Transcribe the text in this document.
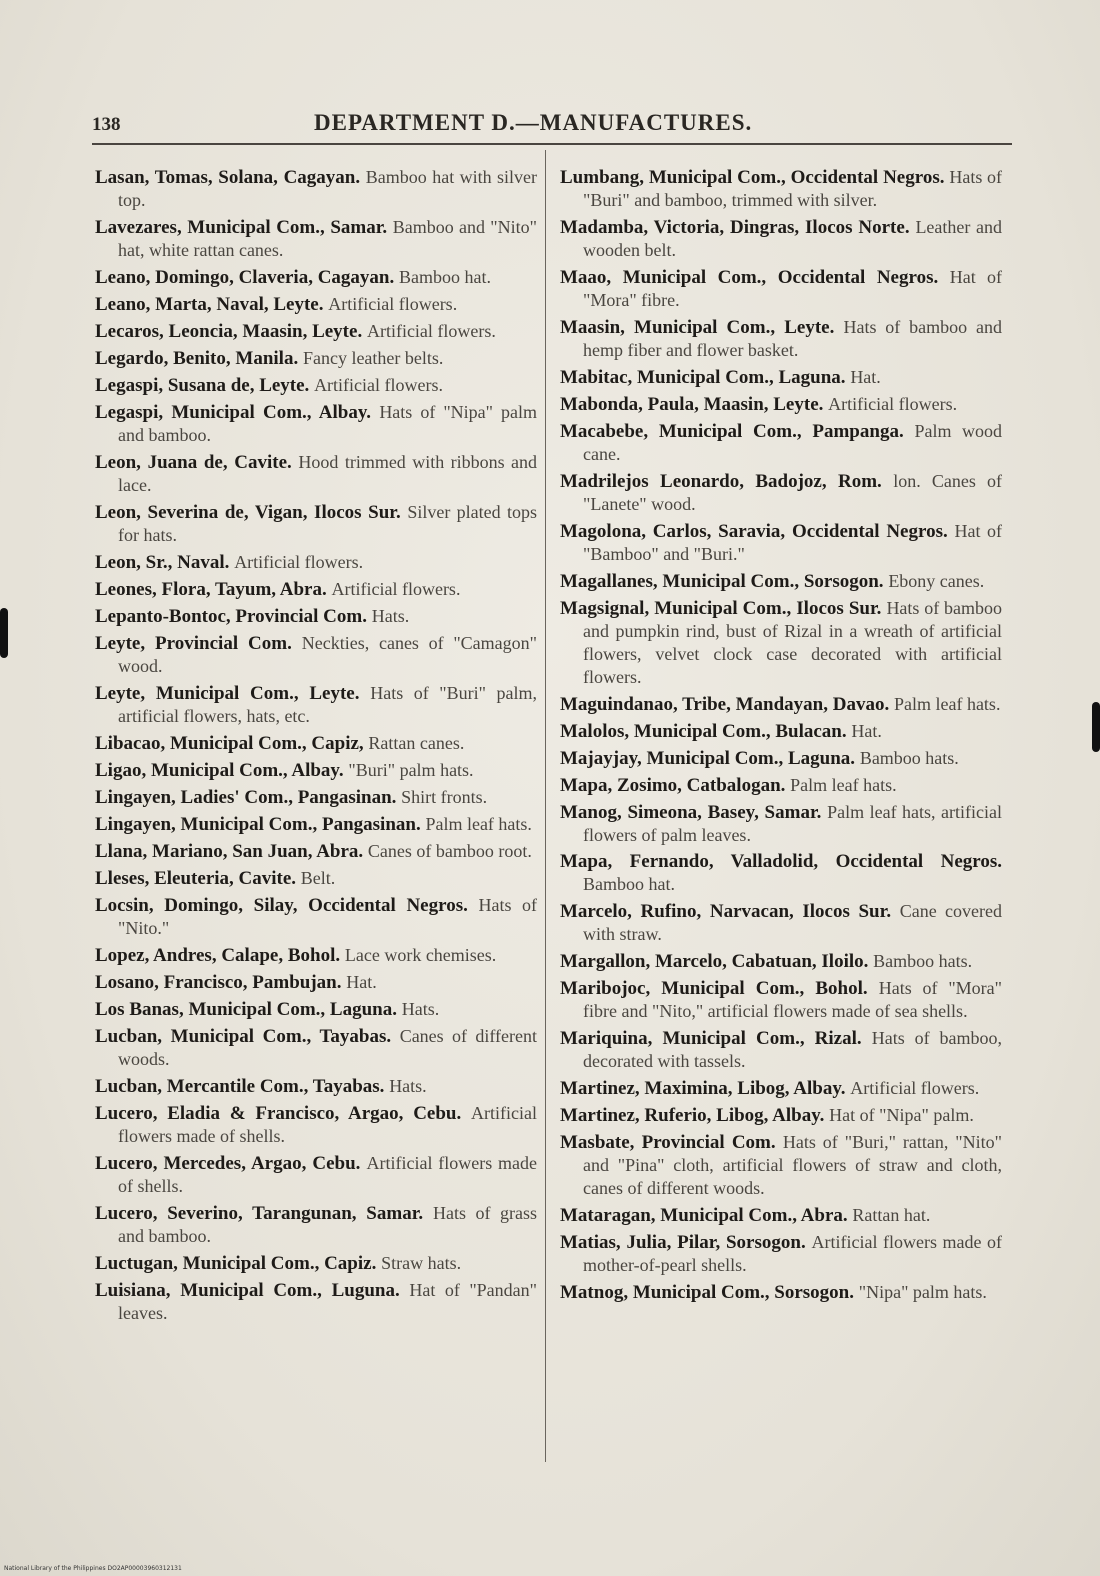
138	DEPARTMENT D.—MANUFACTURES.

Lasan, Tomas, Solana, Cagayan. Bamboo hat with silver top.

Lavezares, Municipal Com., Samar. Bamboo and "Nito" hat, white rattan canes.

Leano, Domingo, Claveria, Cagayan. Bamboo hat.

Leano, Marta, Naval, Leyte. Artificial flowers.

Lecaros, Leoncia, Maasin, Leyte. Artificial flowers.

Legardo, Benito, Manila. Fancy leather belts.

Legaspi, Susana de, Leyte. Artificial flowers.

Legaspi, Municipal Com., Albay. Hats of "Nipa" palm and bamboo.

Leon, Juana de, Cavite. Hood trimmed with ribbons and lace.

Leon, Severina de, Vigan, Ilocos Sur. Silver plated tops for hats.

Leon, Sr., Naval. Artificial flowers.

Leones, Flora, Tayum, Abra. Artificial flowers.

Lepanto-Bontoc, Provincial Com. Hats.

Leyte, Provincial Com. Neckties, canes of "Camagon" wood.

Leyte, Municipal Com., Leyte. Hats of "Buri" palm, artificial flowers, hats, etc.

Libacao, Municipal Com., Capiz, Rattan canes.

Ligao, Municipal Com., Albay. "Buri" palm hats.

Lingayen, Ladies' Com., Pangasinan. Shirt fronts.

Lingayen, Municipal Com., Pangasinan. Palm leaf hats.

Llana, Mariano, San Juan, Abra. Canes of bamboo root.

Lleses, Eleuteria, Cavite. Belt.

Locsin, Domingo, Silay, Occidental Negros. Hats of "Nito."

Lopez, Andres, Calape, Bohol. Lace work chemises.

Losano, Francisco, Pambujan. Hat.

Los Banas, Municipal Com., Laguna. Hats.

Lucban, Municipal Com., Tayabas. Canes of different woods.

Lucban, Mercantile Com., Tayabas. Hats.

Lucero, Eladia & Francisco, Argao, Cebu. Artificial flowers made of shells.

Lucero, Mercedes, Argao, Cebu. Artificial flowers made of shells.

Lucero, Severino, Tarangunan, Samar. Hats of grass and bamboo.

Luctugan, Municipal Com., Capiz. Straw hats.

Luisiana, Municipal Com., Luguna. Hat of "Pandan" leaves.

Lumbang, Municipal Com., Occidental Negros. Hats of "Buri" and bamboo, trimmed with silver.

Madamba, Victoria, Dingras, Ilocos Norte. Leather and wooden belt.

Maao, Municipal Com., Occidental Negros. Hat of "Mora" fibre.

Maasin, Municipal Com., Leyte. Hats of bamboo and hemp fiber and flower basket.

Mabitac, Municipal Com., Laguna. Hat.

Mabonda, Paula, Maasin, Leyte. Artificial flowers.

Macabebe, Municipal Com., Pampanga. Palm wood cane.

Madrilejos Leonardo, Badojoz, Rom. lon. Canes of "Lanete" wood.

Magolona, Carlos, Saravia, Occidental Negros. Hat of "Bamboo" and "Buri."

Magallanes, Municipal Com., Sorsogon. Ebony canes.

Magsignal, Municipal Com., Ilocos Sur. Hats of bamboo and pumpkin rind, bust of Rizal in a wreath of artificial flowers, velvet clock case decorated with artificial flowers.

Maguindanao, Tribe, Mandayan, Davao. Palm leaf hats.

Malolos, Municipal Com., Bulacan. Hat.

Majayjay, Municipal Com., Laguna. Bamboo hats.

Mapa, Zosimo, Catbalogan. Palm leaf hats.

Manog, Simeona, Basey, Samar. Palm leaf hats, artificial flowers of palm leaves.

Mapa, Fernando, Valladolid, Occidental Negros. Bamboo hat.

Marcelo, Rufino, Narvacan, Ilocos Sur. Cane covered with straw.

Margallon, Marcelo, Cabatuan, Iloilo. Bamboo hats.

Maribojoc, Municipal Com., Bohol. Hats of "Mora" fibre and "Nito," artificial flowers made of sea shells.

Mariquina, Municipal Com., Rizal. Hats of bamboo, decorated with tassels.

Martinez, Maximina, Libog, Albay. Artificial flowers.

Martinez, Ruferio, Libog, Albay. Hat of "Nipa" palm.

Masbate, Provincial Com. Hats of "Buri," rattan, "Nito" and "Pina" cloth, artificial flowers of straw and cloth, canes of different woods.

Mataragan, Municipal Com., Abra. Rattan hat.

Matias, Julia, Pilar, Sorsogon. Artificial flowers made of mother-of-pearl shells.

Matnog, Municipal Com., Sorsogon. "Nipa" palm hats.

National Library of the Philippines DO2AP00003960312131
